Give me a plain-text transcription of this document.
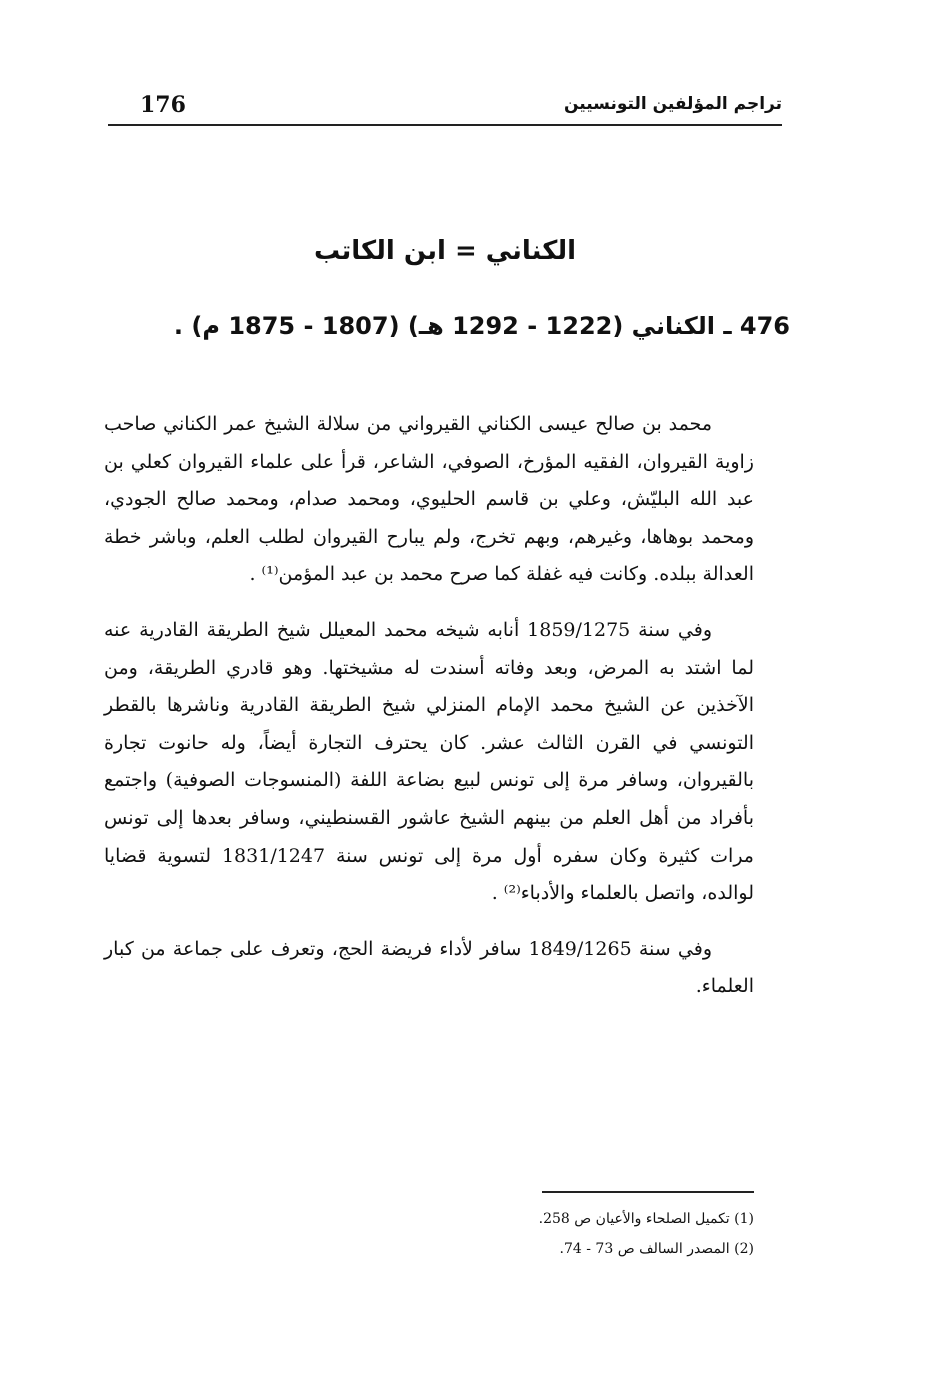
176	تراجم المؤلفين التونسيين
الكناني = ابن الكاتب
476 ـ الكناني (1222 - 1292 هـ) (1807 - 1875 م) .

محمد بن صالح عيسى الكناني القيرواني من سلالة الشيخ عمر الكناني صاحب زاوية القيروان، الفقيه المؤرخ، الصوفي، الشاعر، قرأ على علماء القيروان كعلي بن عبد الله البليّش، وعلي بن قاسم الحليوي، ومحمد صدام، ومحمد صالح الجودي، ومحمد بوهاها، وغيرهم، وبهم تخرج، ولم يبارح القيروان لطلب العلم، وباشر خطة العدالة ببلده. وكانت فيه غفلة كما صرح محمد بن عبد المؤمن⁽¹⁾ .

وفي سنة 1859/1275 أنابه شيخه محمد المعيلل شيخ الطريقة القادرية عنه لما اشتد به المرض، وبعد وفاته أسندت له مشيختها. وهو قادري الطريقة، ومن الآخذين عن الشيخ محمد الإمام المنزلي شيخ الطريقة القادرية وناشرها بالقطر التونسي في القرن الثالث عشر. كان يحترف التجارة أيضاً، وله حانوت تجارة بالقيروان، وسافر مرة إلى تونس لبيع بضاعة اللفة (المنسوجات الصوفية) واجتمع بأفراد من أهل العلم من بينهم الشيخ عاشور القسنطيني، وسافر بعدها إلى تونس مرات كثيرة وكان سفره أول مرة إلى تونس سنة 1831/1247 لتسوية قضايا لوالده، واتصل بالعلماء والأدباء⁽²⁾ .

وفي سنة 1849/1265 سافر لأداء فريضة الحج، وتعرف على جماعة من كبار العلماء.

(1) تكميل الصلحاء والأعيان ص 258.

(2) المصدر السالف ص 73 - 74.
